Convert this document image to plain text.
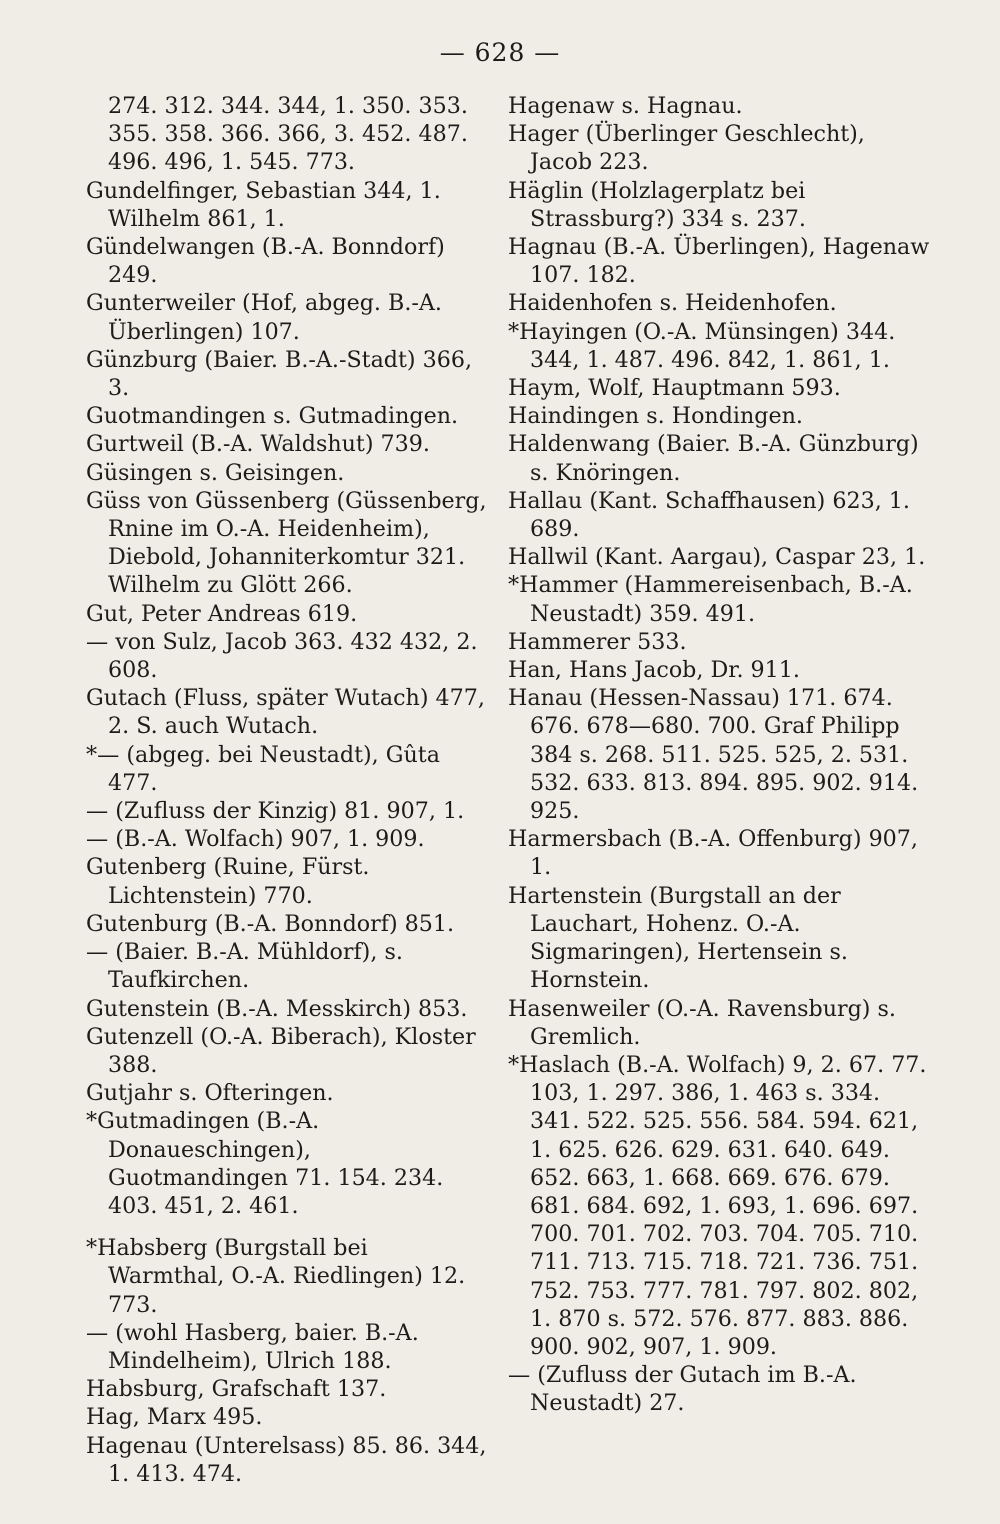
— 628 —

274. 312. 344. 344, 1. 350. 353. 355. 358. 366. 366, 3. 452. 487. 496. 496, 1. 545. 773.

Gundelfinger, Sebastian 344, 1. Wilhelm 861, 1.

Gündelwangen (B.-A. Bonndorf) 249.

Gunterweiler (Hof, abgeg. B.-A. Überlingen) 107.

Günzburg (Baier. B.-A.-Stadt) 366, 3.

Guotmandingen s. Gutmadingen.

Gurtweil (B.-A. Waldshut) 739.

Güsingen s. Geisingen.

Güss von Güssenberg (Güssenberg, Rnine im O.-A. Heidenheim), Diebold, Johanniterkomtur 321. Wilhelm zu Glött 266.

Gut, Peter Andreas 619.

— von Sulz, Jacob 363. 432 432, 2. 608.

Gutach (Fluss, später Wutach) 477, 2. S. auch Wutach.

*— (abgeg. bei Neustadt), Gûta 477.

— (Zufluss der Kinzig) 81. 907, 1.

— (B.-A. Wolfach) 907, 1. 909.

Gutenberg (Ruine, Fürst. Lichtenstein) 770.

Gutenburg (B.-A. Bonndorf) 851.

— (Baier. B.-A. Mühldorf), s. Taufkirchen.

Gutenstein (B.-A. Messkirch) 853.

Gutenzell (O.-A. Biberach), Kloster 388.

Gutjahr s. Ofteringen.

*Gutmadingen (B.-A. Donaueschingen), Guotmandingen 71. 154. 234. 403. 451, 2. 461.

*Habsberg (Burgstall bei Warmthal, O.-A. Riedlingen) 12. 773.

— (wohl Hasberg, baier. B.-A. Mindelheim), Ulrich 188.

Habsburg, Grafschaft 137.

Hag, Marx 495.

Hagenau (Unterelsass) 85. 86. 344, 1. 413. 474.

Hagenaw s. Hagnau.

Hager (Überlinger Geschlecht), Jacob 223.

Häglin (Holzlagerplatz bei Strassburg?) 334 s. 237.

Hagnau (B.-A. Überlingen), Hagenaw 107. 182.

Haidenhofen s. Heidenhofen.

*Hayingen (O.-A. Münsingen) 344. 344, 1. 487. 496. 842, 1. 861, 1.

Haym, Wolf, Hauptmann 593.

Haindingen s. Hondingen.

Haldenwang (Baier. B.-A. Günzburg) s. Knöringen.

Hallau (Kant. Schaffhausen) 623, 1. 689.

Hallwil (Kant. Aargau), Caspar 23, 1.

*Hammer (Hammereisenbach, B.-A. Neustadt) 359. 491.

Hammerer 533.

Han, Hans Jacob, Dr. 911.

Hanau (Hessen-Nassau) 171. 674. 676. 678—680. 700. Graf Philipp 384 s. 268. 511. 525. 525, 2. 531. 532. 633. 813. 894. 895. 902. 914. 925.

Harmersbach (B.-A. Offenburg) 907, 1.

Hartenstein (Burgstall an der Lauchart, Hohenz. O.-A. Sigmaringen), Hertensein s. Hornstein.

Hasenweiler (O.-A. Ravensburg) s. Gremlich.

*Haslach (B.-A. Wolfach) 9, 2. 67. 77. 103, 1. 297. 386, 1. 463 s. 334. 341. 522. 525. 556. 584. 594. 621, 1. 625. 626. 629. 631. 640. 649. 652. 663, 1. 668. 669. 676. 679. 681. 684. 692, 1. 693, 1. 696. 697. 700. 701. 702. 703. 704. 705. 710. 711. 713. 715. 718. 721. 736. 751. 752. 753. 777. 781. 797. 802. 802, 1. 870 s. 572. 576. 877. 883. 886. 900. 902, 907, 1. 909.

— (Zufluss der Gutach im B.-A. Neustadt) 27.
